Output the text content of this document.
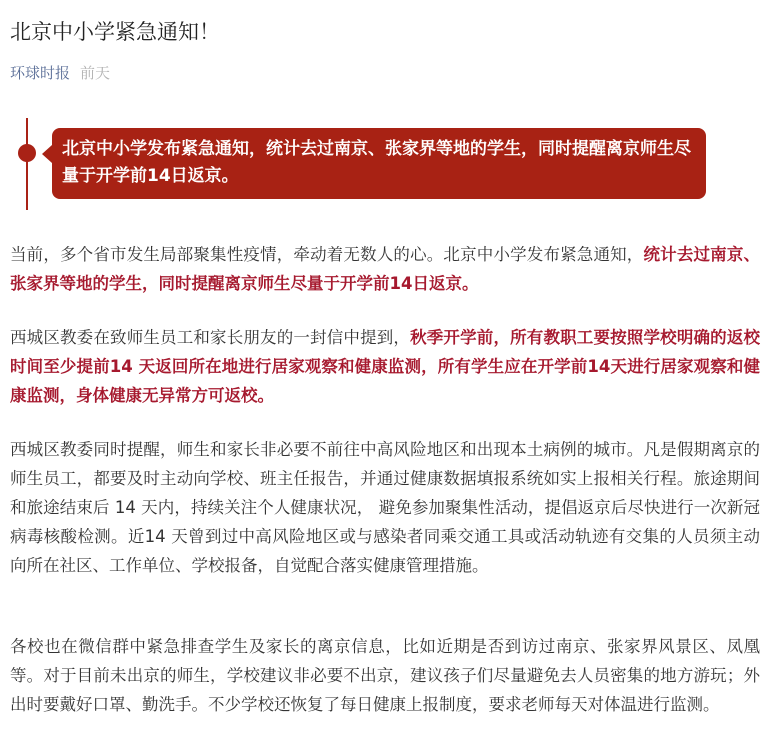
北京中小学紧急通知！
环球时报 前天
北京中小学发布紧急通知，统计去过南京、张家界等地的学生，同时提醒离京师生尽量于开学前14日返京。

当前，多个省市发生局部聚集性疫情，牵动着无数人的心。北京中小学发布紧急通知，统计去过南京、张家界等地的学生，同时提醒离京师生尽量于开学前14日返京。

西城区教委在致师生员工和家长朋友的一封信中提到，秋季开学前，所有教职工要按照学校明确的返校时间至少提前14 天返回所在地进行居家观察和健康监测，所有学生应在开学前14天进行居家观察和健康监测，身体健康无异常方可返校。

西城区教委同时提醒，师生和家长非必要不前往中高风险地区和出现本土病例的城市。凡是假期离京的师生员工，都要及时主动向学校、班主任报告，并通过健康数据填报系统如实上报相关行程。旅途期间和旅途结束后 14 天内，持续关注个人健康状况， 避免参加聚集性活动，提倡返京后尽快进行一次新冠病毒核酸检测。近14 天曾到过中高风险地区或与感染者同乘交通工具或活动轨迹有交集的人员须主动向所在社区、工作单位、学校报备，自觉配合落实健康管理措施。

各校也在微信群中紧急排查学生及家长的离京信息，比如近期是否到访过南京、张家界风景区、凤凰等。对于目前未出京的师生，学校建议非必要不出京，建议孩子们尽量避免去人员密集的地方游玩；外出时要戴好口罩、勤洗手。不少学校还恢复了每日健康上报制度，要求老师每天对体温进行监测。
